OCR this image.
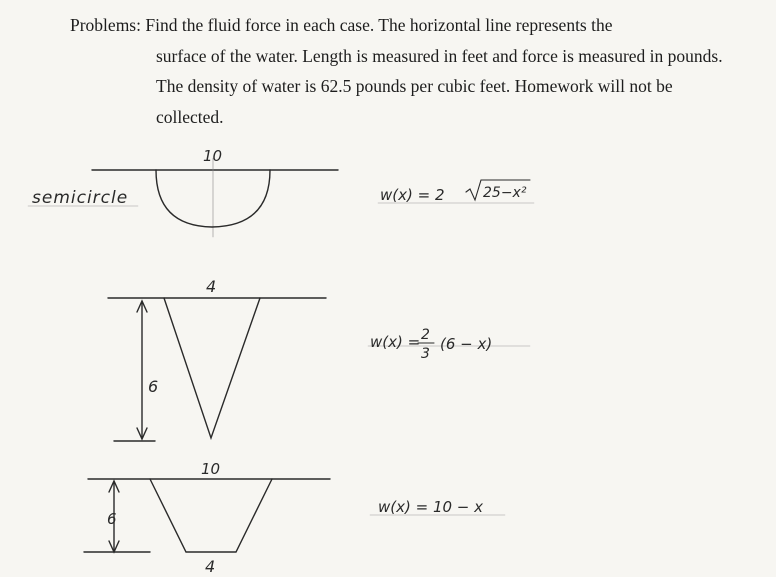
Problems: Find the fluid force in each case. The horizontal line represents the
surface of the water. Length is measured in feet and force is measured in pounds.
The density of water is 62.5 pounds per cubic feet. Homework will not be
collected.
10
semicircle	w(x) = 2	25−x²
4
6
w(x) = 2
3
(6 − x)
10
6
4
w(x) = 10 − x
